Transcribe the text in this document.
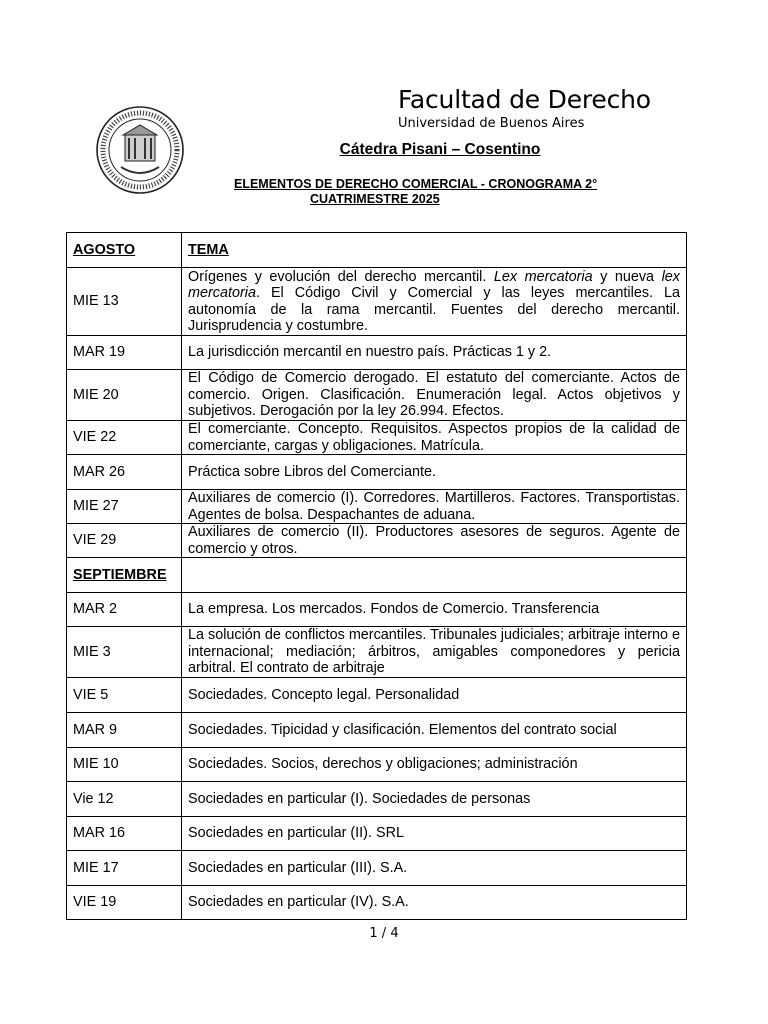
Facultad de Derecho
Universidad de Buenos Aires
Cátedra Pisani – Cosentino
ELEMENTOS DE DERECHO COMERCIAL - CRONOGRAMA 2°
CUATRIMESTRE 2025
AGOSTO	TEMA
MIE 13	Orígenes y evolución del derecho mercantil. Lex mercatoria y nueva lex mercatoria. El Código Civil y Comercial y las leyes mercantiles. La autonomía de la rama mercantil. Fuentes del derecho mercantil. Jurisprudencia y costumbre.
MAR 19	La jurisdicción mercantil en nuestro país. Prácticas 1 y 2.
MIE 20	El Código de Comercio derogado. El estatuto del comerciante. Actos de comercio. Origen. Clasificación. Enumeración legal. Actos objetivos y subjetivos. Derogación por la ley 26.994. Efectos.
VIE 22	El comerciante. Concepto. Requisitos. Aspectos propios de la calidad de comerciante, cargas y obligaciones. Matrícula.
MAR 26	Práctica sobre Libros del Comerciante.
MIE 27	Auxiliares de comercio (I). Corredores. Martilleros. Factores. Transportistas. Agentes de bolsa. Despachantes de aduana.
VIE 29	Auxiliares de comercio (II). Productores asesores de seguros. Agente de comercio y otros.
SEPTIEMBRE	
MAR 2	La empresa. Los mercados. Fondos de Comercio. Transferencia
MIE 3	La solución de conflictos mercantiles. Tribunales judiciales; arbitraje interno e internacional; mediación; árbitros, amigables componedores y pericia arbitral. El contrato de arbitraje
VIE 5	Sociedades. Concepto legal. Personalidad
MAR 9	Sociedades. Tipicidad y clasificación. Elementos del contrato social
MIE 10	Sociedades. Socios, derechos y obligaciones; administración
Vie 12	Sociedades en particular (I). Sociedades de personas
MAR 16	Sociedades en particular (II). SRL
MIE 17	Sociedades en particular (III). S.A.
VIE 19	Sociedades en particular (IV). S.A.
1 / 4
